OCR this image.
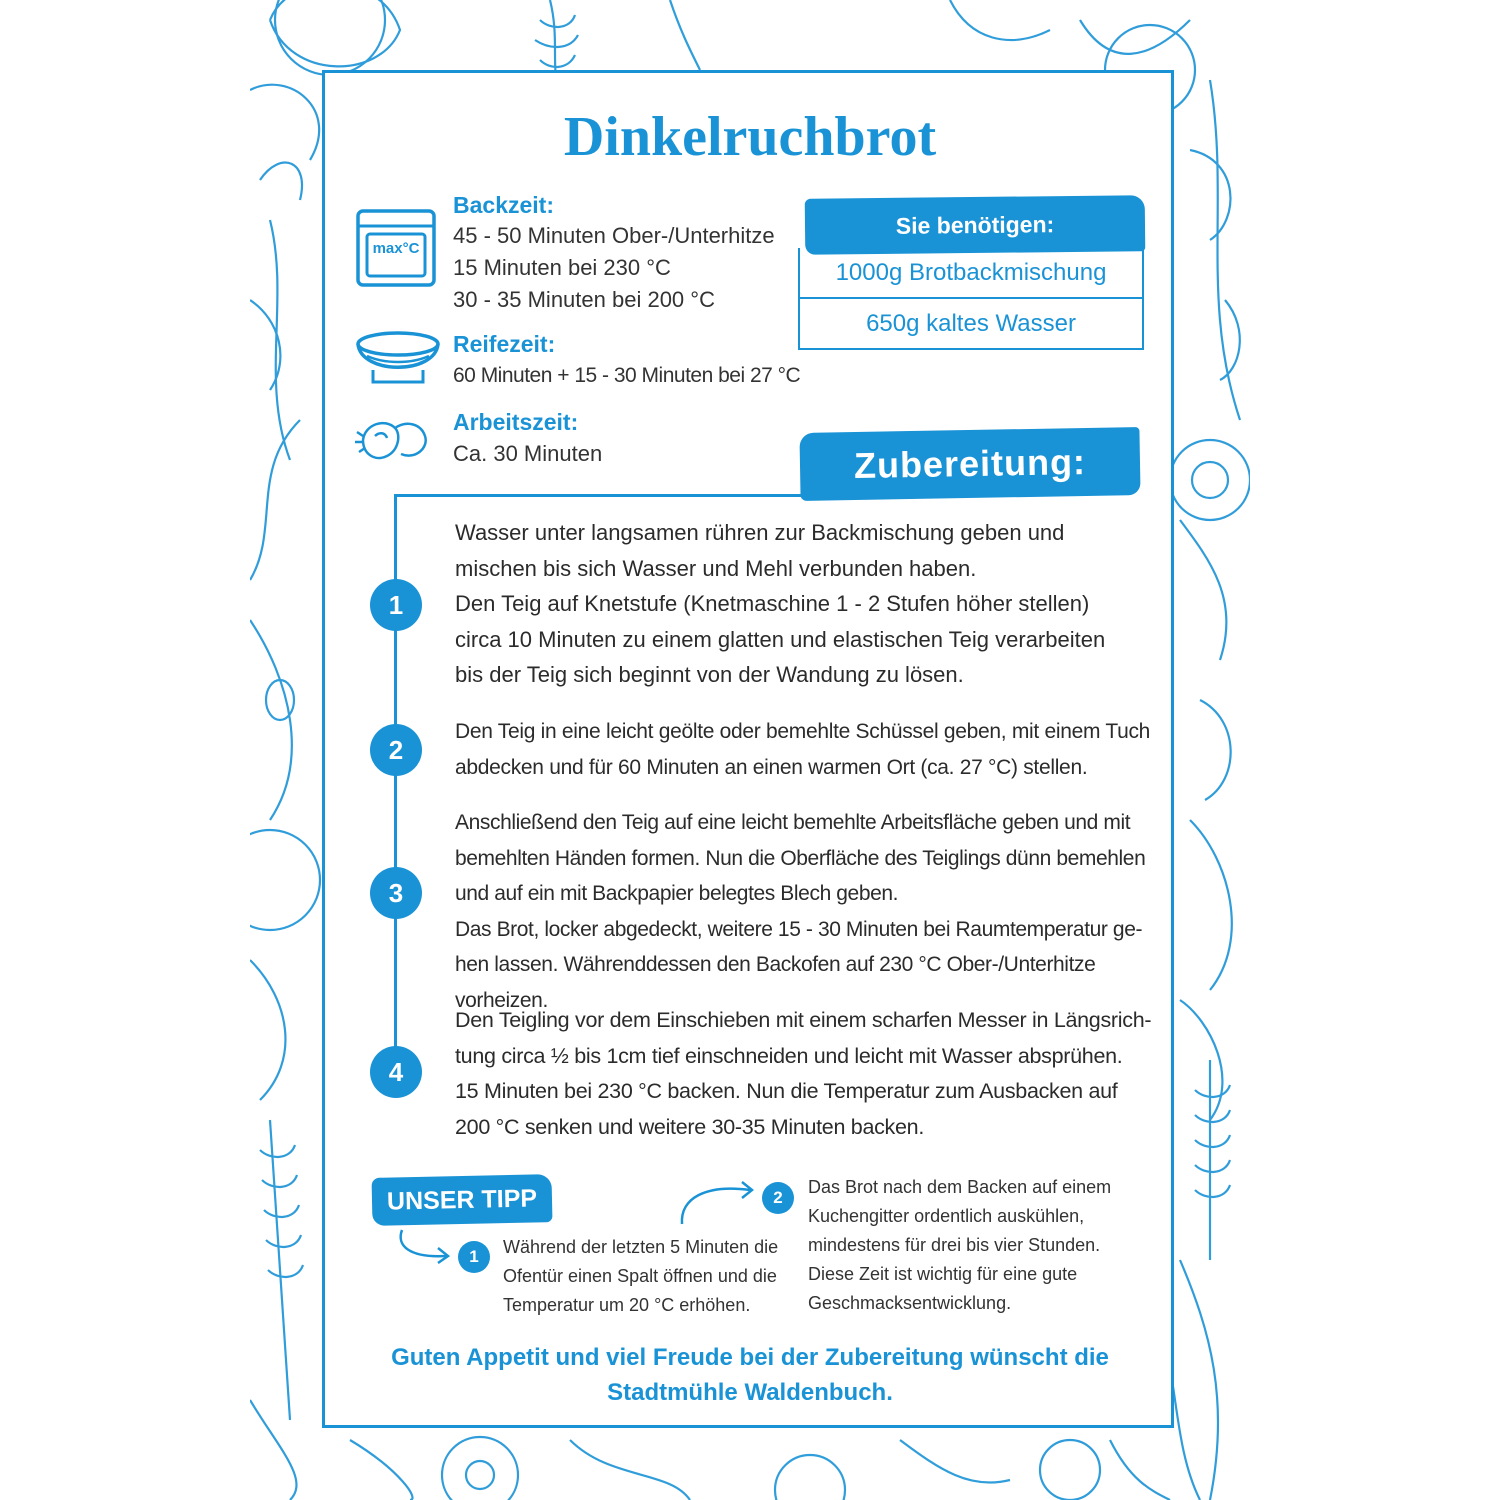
Dinkelruchbrot
max°C
Backzeit:
45 - 50 Minuten Ober-/Unterhitze
15 Minuten bei 230 °C
30 - 35 Minuten bei 200 °C
Reifezeit:
60 Minuten + 15 - 30 Minuten bei 27 °C
Arbeitszeit:
Ca. 30 Minuten
Sie benötigen:
1000g Brotbackmischung
650g kaltes Wasser
Zubereitung:
1
Wasser unter langsamen rühren zur Backmischung geben und
mischen bis sich Wasser und Mehl verbunden haben.
Den Teig auf Knetstufe (Knetmaschine 1 - 2 Stufen höher stellen)
circa 10 Minuten zu einem glatten und elastischen Teig verarbeiten
bis der Teig sich beginnt von der Wandung zu lösen.
2
Den Teig in eine leicht geölte oder bemehlte Schüssel geben, mit einem Tuch
abdecken und für 60 Minuten an einen warmen Ort (ca. 27 °C) stellen.
3
Anschließend den Teig auf eine leicht bemehlte Arbeitsfläche geben und mit
bemehlten Händen formen. Nun die Oberfläche des Teiglings dünn bemehlen
und auf ein mit Backpapier belegtes Blech geben.
Das Brot, locker abgedeckt, weitere 15 - 30 Minuten bei Raumtemperatur ge-
hen lassen. Währenddessen den Backofen auf 230 °C Ober-/Unterhitze vorheizen.
4
Den Teigling vor dem Einschieben mit einem scharfen Messer in Längsrich-
tung circa ½ bis 1cm tief einschneiden und leicht mit Wasser absprühen.
15 Minuten bei 230 °C backen. Nun die Temperatur zum Ausbacken auf
200 °C senken und weitere 30-35 Minuten backen.
UNSER TIPP
1	Während der letzten 5 Minuten die
Ofentür einen Spalt öffnen und die
Temperatur um 20 °C erhöhen.
2
Das Brot nach dem Backen auf einem
Kuchengitter ordentlich auskühlen,
mindestens für drei bis vier Stunden.
Diese Zeit ist wichtig für eine gute
Geschmacksentwicklung.
Guten Appetit und viel Freude bei der Zubereitung wünscht die
Stadtmühle Waldenbuch.
